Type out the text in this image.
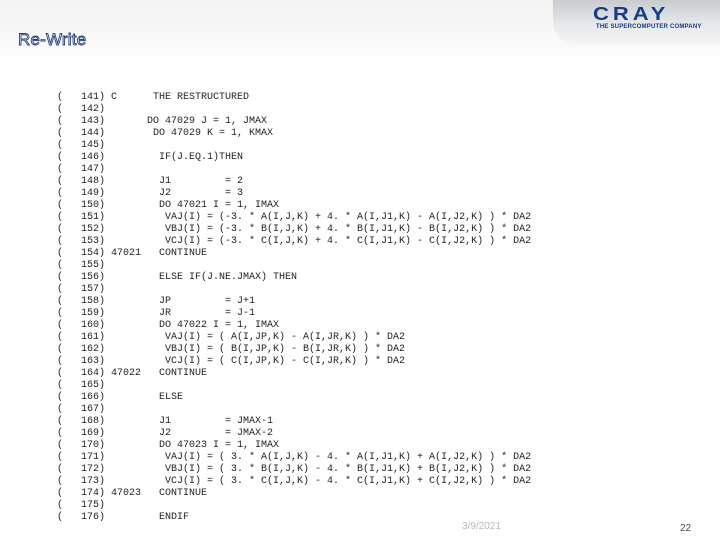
Re-Write
CRAY
THE SUPERCOMPUTER COMPANY
(   141) C      THE RESTRUCTURED
(   142)
(   143)       DO 47029 J = 1, JMAX
(   144)        DO 47029 K = 1, KMAX
(   145)
(   146)         IF(J.EQ.1)THEN
(   147)
(   148)         J1         = 2
(   149)         J2         = 3
(   150)         DO 47021 I = 1, IMAX
(   151)          VAJ(I) = (-3. * A(I,J,K) + 4. * A(I,J1,K) - A(I,J2,K) ) * DA2
(   152)          VBJ(I) = (-3. * B(I,J,K) + 4. * B(I,J1,K) - B(I,J2,K) ) * DA2
(   153)          VCJ(I) = (-3. * C(I,J,K) + 4. * C(I,J1,K) - C(I,J2,K) ) * DA2
(   154) 47021   CONTINUE
(   155)
(   156)         ELSE IF(J.NE.JMAX) THEN
(   157)
(   158)         JP         = J+1
(   159)         JR         = J-1
(   160)         DO 47022 I = 1, IMAX
(   161)          VAJ(I) = ( A(I,JP,K) - A(I,JR,K) ) * DA2
(   162)          VBJ(I) = ( B(I,JP,K) - B(I,JR,K) ) * DA2
(   163)          VCJ(I) = ( C(I,JP,K) - C(I,JR,K) ) * DA2
(   164) 47022   CONTINUE
(   165)
(   166)         ELSE
(   167)
(   168)         J1         = JMAX-1
(   169)         J2         = JMAX-2
(   170)         DO 47023 I = 1, IMAX
(   171)          VAJ(I) = ( 3. * A(I,J,K) - 4. * A(I,J1,K) + A(I,J2,K) ) * DA2
(   172)          VBJ(I) = ( 3. * B(I,J,K) - 4. * B(I,J1,K) + B(I,J2,K) ) * DA2
(   173)          VCJ(I) = ( 3. * C(I,J,K) - 4. * C(I,J1,K) + C(I,J2,K) ) * DA2
(   174) 47023   CONTINUE
(   175)
(   176)         ENDIF
3/9/2021	22
